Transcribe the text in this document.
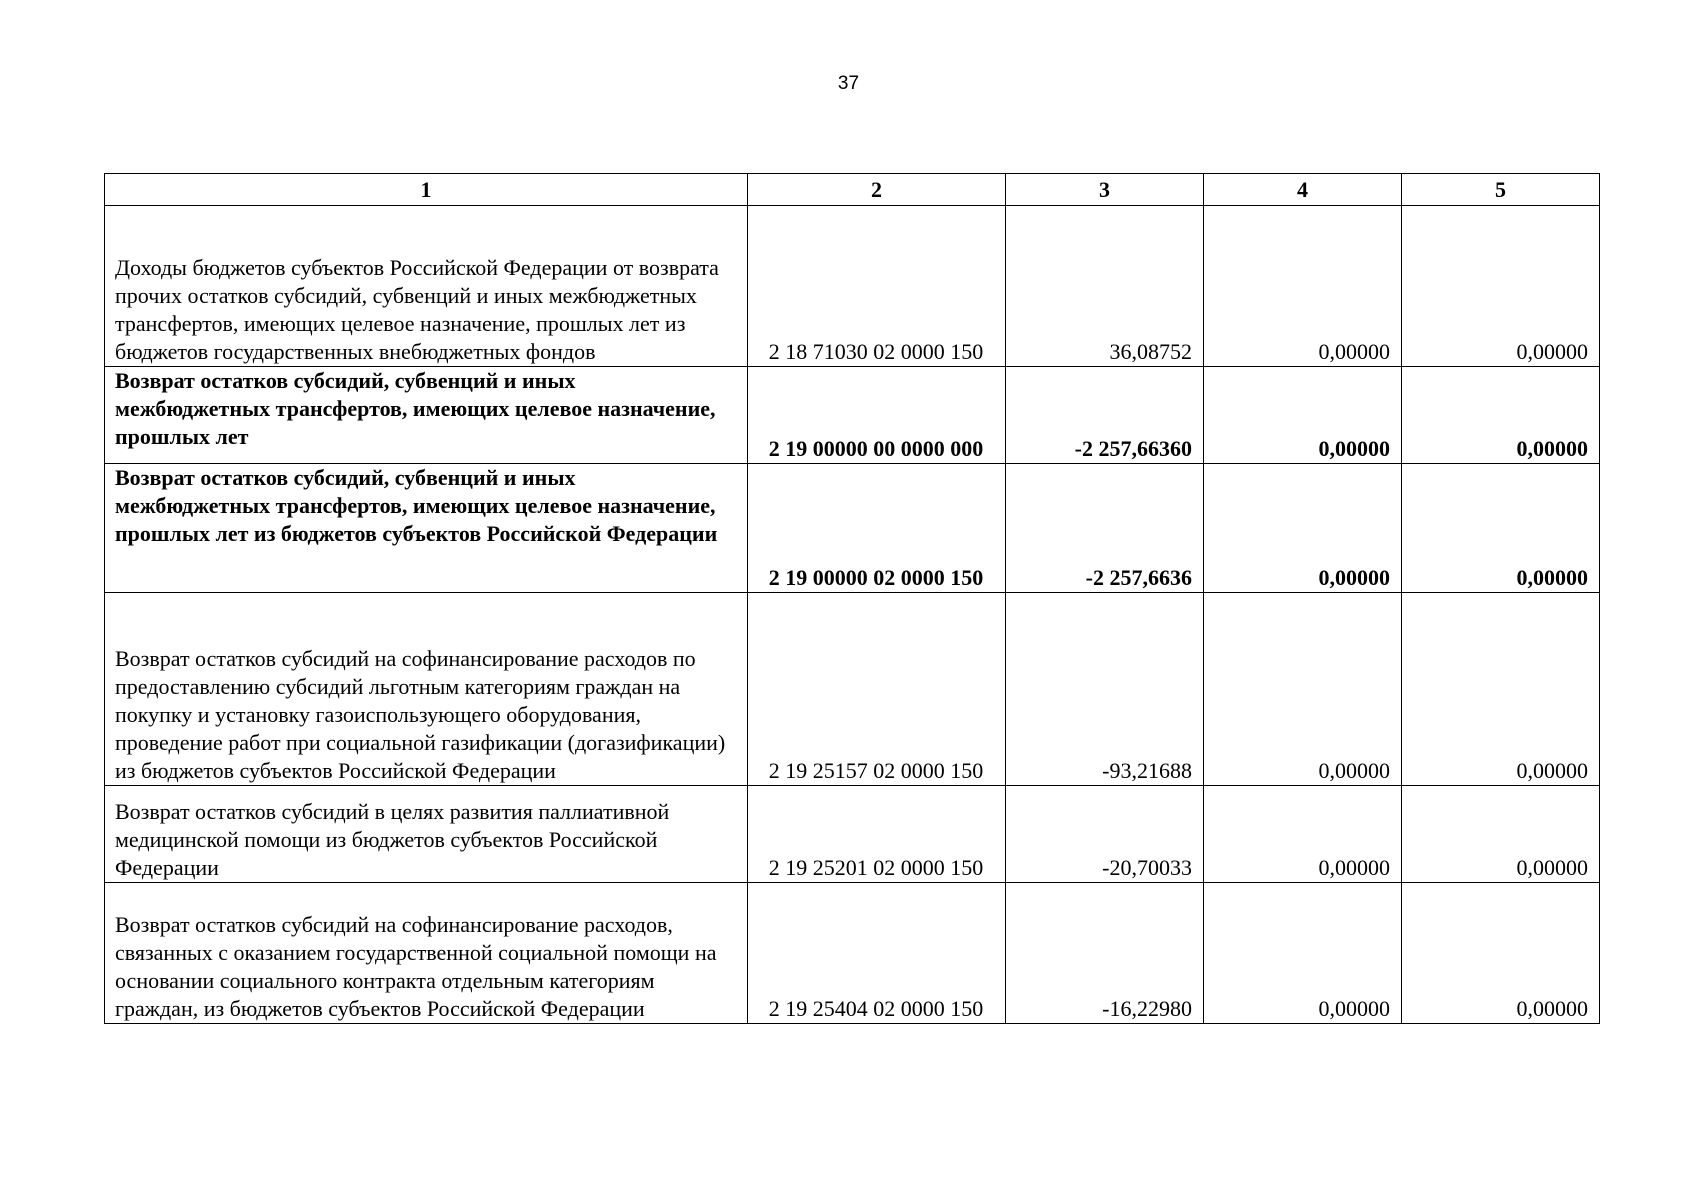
37
1	2	3	4	5
Доходы бюджетов субъектов Российской Федерации от возврата прочих остатков субсидий, субвенций и иных межбюджетных трансфертов, имеющих целевое назначение, прошлых лет из бюджетов государственных внебюджетных фондов	2 18 71030 02 0000 150	36,08752	0,00000	0,00000
Возврат остатков субсидий, субвенций и иных межбюджетных трансфертов, имеющих целевое назначение, прошлых лет	2 19 00000 00 0000 000	-2 257,66360	0,00000	0,00000
Возврат остатков субсидий, субвенций и иных межбюджетных трансфертов, имеющих целевое назначение, прошлых лет из бюджетов субъектов Российской Федерации	2 19 00000 02 0000 150	-2 257,6636	0,00000	0,00000
Возврат остатков субсидий на софинансирование расходов по предоставлению субсидий льготным категориям граждан на покупку и установку газоиспользующего оборудования, проведение работ при социальной газификации (догазификации) из бюджетов субъектов Российской Федерации	2 19 25157 02 0000 150	-93,21688	0,00000	0,00000
Возврат остатков субсидий в целях развития паллиативной медицинской помощи из бюджетов субъектов Российской Федерации	2 19 25201 02 0000 150	-20,70033	0,00000	0,00000
Возврат остатков субсидий на софинансирование расходов, связанных с оказанием государственной социальной помощи на основании социального контракта отдельным категориям граждан, из бюджетов субъектов Российской Федерации	2 19 25404 02 0000 150	-16,22980	0,00000	0,00000
